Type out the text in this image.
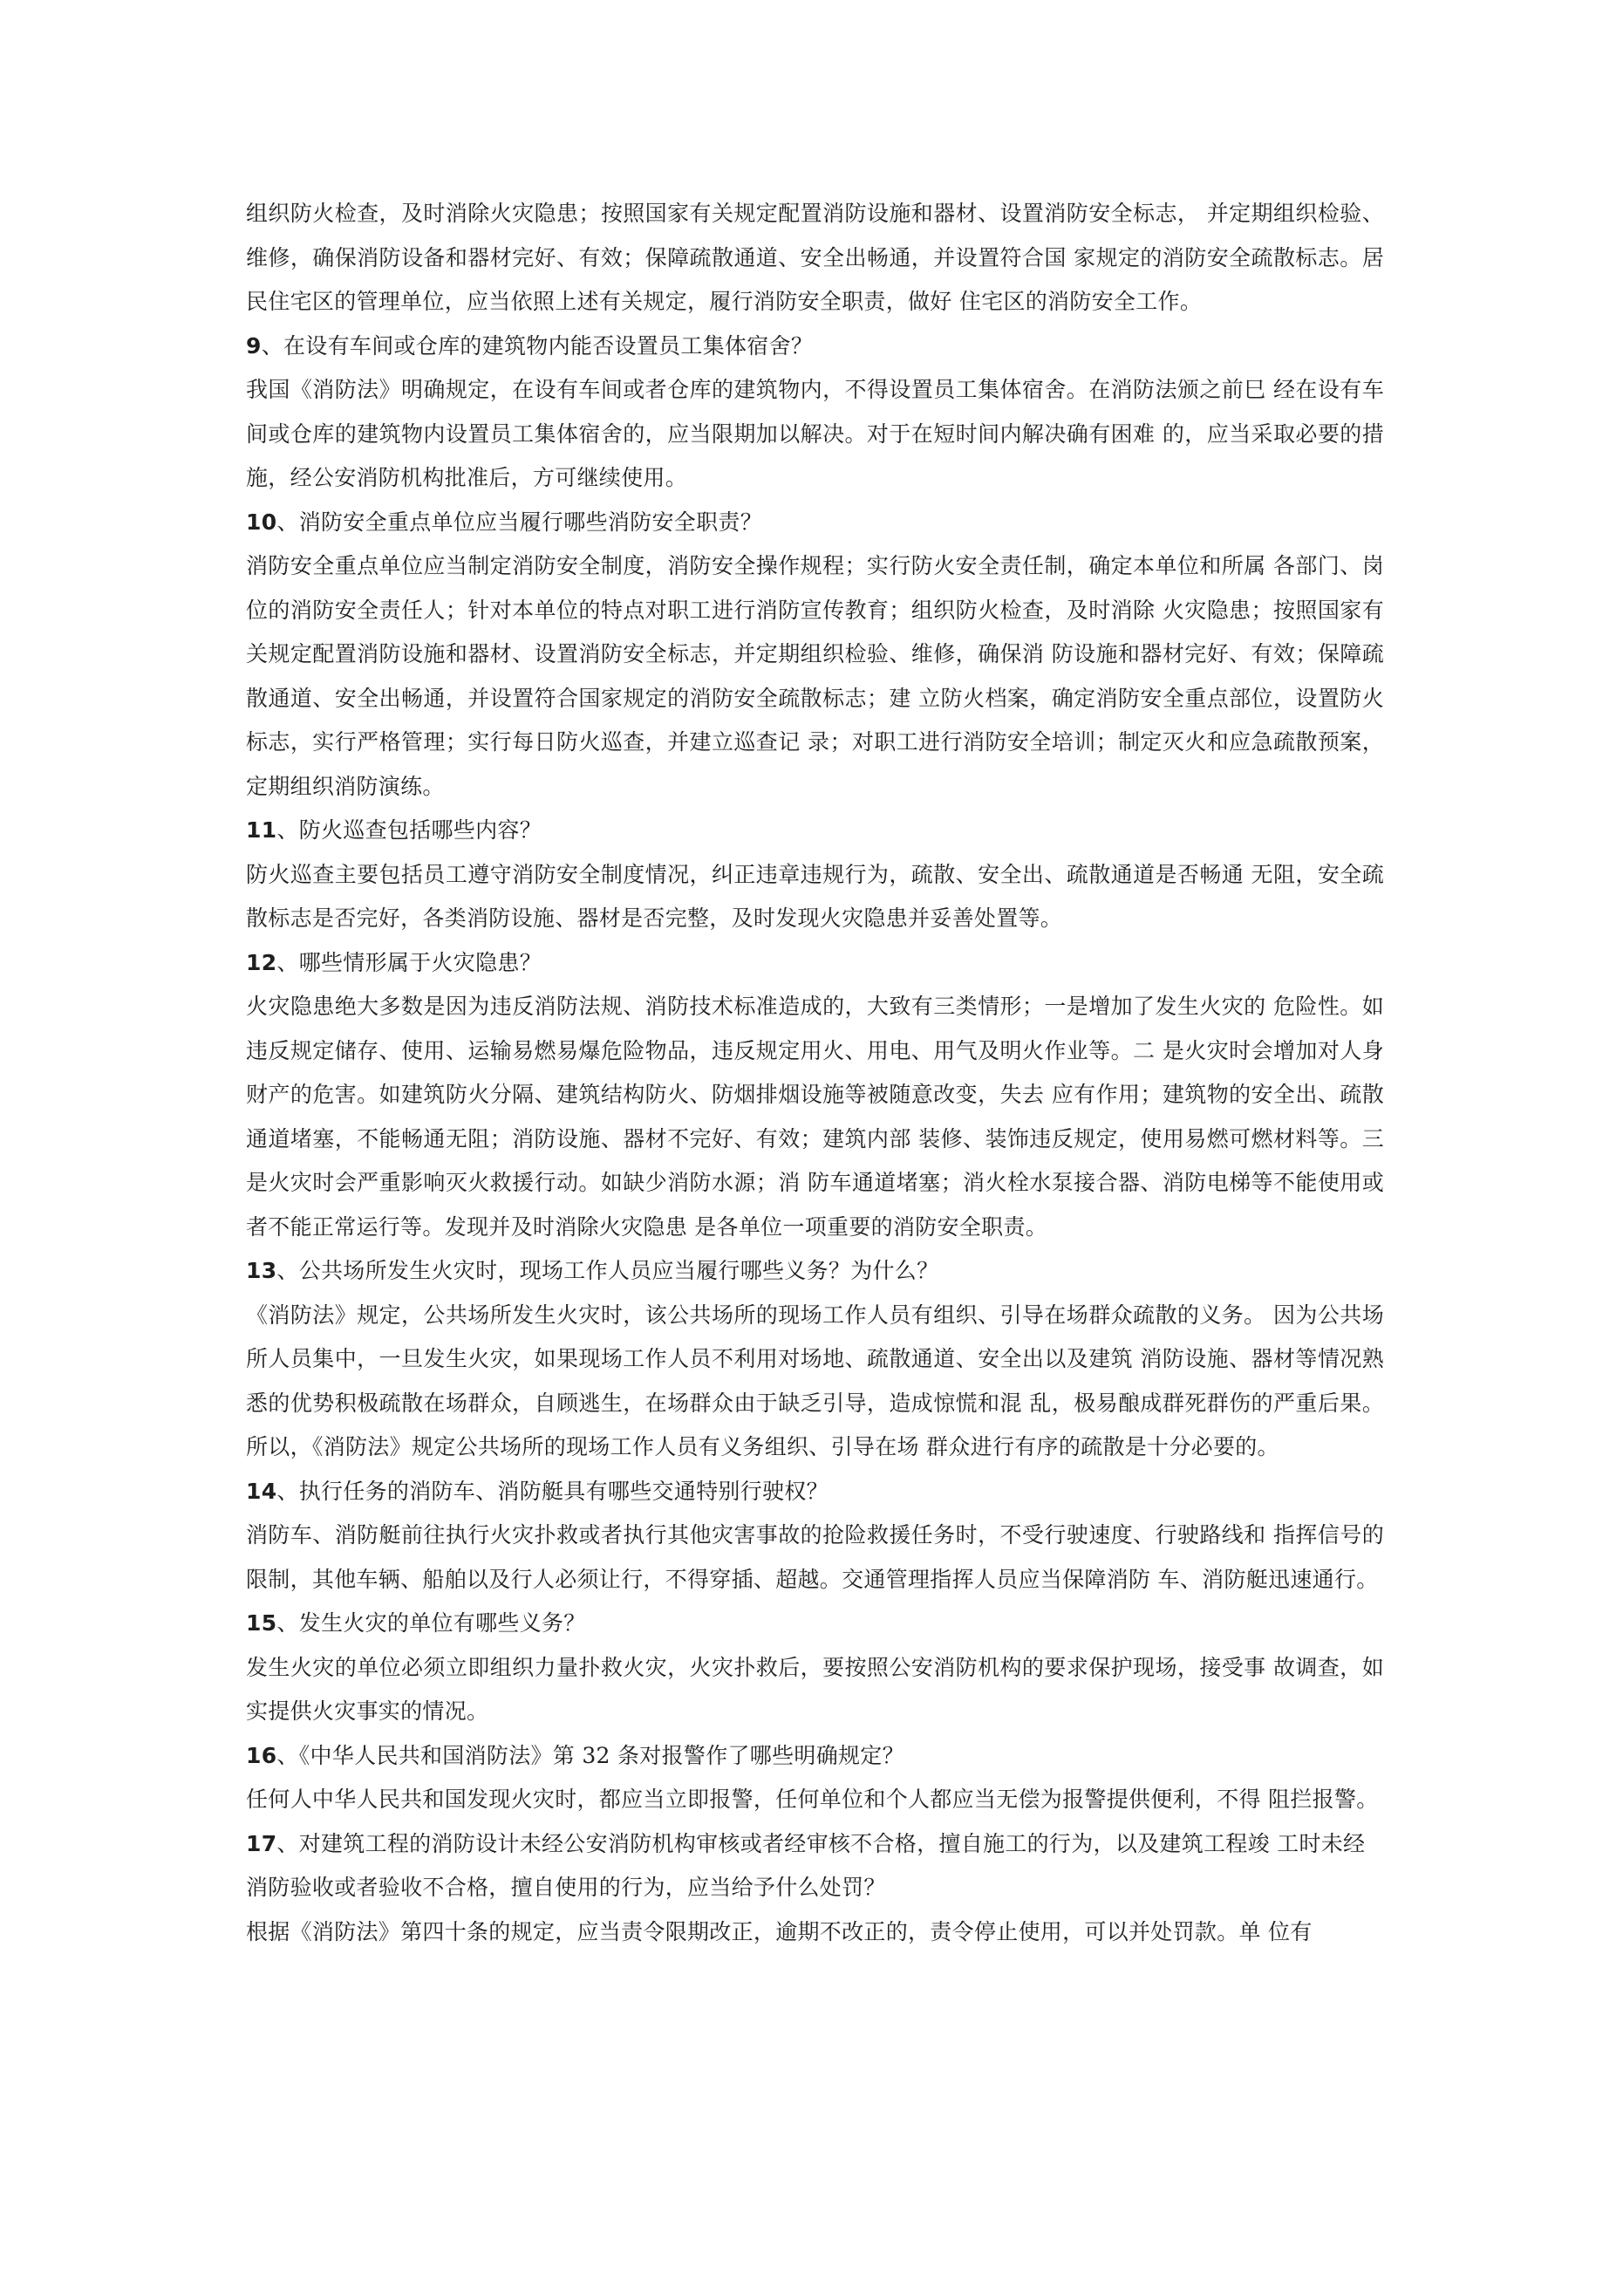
组织防火检查，及时消除火灾隐患；按照国家有关规定配置消防设施和器材、设置消防安全标志， 并定期组织检验、维修，确保消防设备和器材完好、有效；保障疏散通道、安全出畅通，并设置符合国 家规定的消防安全疏散标志。居民住宅区的管理单位，应当依照上述有关规定，履行消防安全职责，做好 住宅区的消防安全工作。

9、在设有车间或仓库的建筑物内能否设置员工集体宿舍？

我国《消防法》明确规定，在设有车间或者仓库的建筑物内，不得设置员工集体宿舍。在消防法颁之前巳 经在设有车间或仓库的建筑物内设置员工集体宿舍的，应当限期加以解决。对于在短时间内解决确有困难 的，应当采取必要的措施，经公安消防机构批准后，方可继续使用。

10、消防安全重点单位应当履行哪些消防安全职责？

消防安全重点单位应当制定消防安全制度，消防安全操作规程；实行防火安全责任制，确定本单位和所属 各部门、岗位的消防安全责任人；针对本单位的特点对职工进行消防宣传教育；组织防火检查，及时消除 火灾隐患；按照国家有关规定配置消防设施和器材、设置消防安全标志，并定期组织检验、维修，确保消 防设施和器材完好、有效；保障疏散通道、安全出畅通，并设置符合国家规定的消防安全疏散标志；建 立防火档案，确定消防安全重点部位，设置防火标志，实行严格管理；实行每日防火巡查，并建立巡查记 录；对职工进行消防安全培训；制定灭火和应急疏散预案，定期组织消防演练。

11、防火巡查包括哪些内容？

防火巡查主要包括员工遵守消防安全制度情况，纠正违章违规行为，疏散、安全出、疏散通道是否畅通 无阻，安全疏散标志是否完好，各类消防设施、器材是否完整，及时发现火灾隐患并妥善处置等。

12、哪些情形属于火灾隐患？

火灾隐患绝大多数是因为违反消防法规、消防技术标准造成的，大致有三类情形；一是增加了发生火灾的 危险性。如违反规定储存、使用、运输易燃易爆危险物品，违反规定用火、用电、用气及明火作业等。二 是火灾时会增加对人身财产的危害。如建筑防火分隔、建筑结构防火、防烟排烟设施等被随意改变，失去 应有作用；建筑物的安全出、疏散通道堵塞，不能畅通无阻；消防设施、器材不完好、有效；建筑内部 装修、装饰违反规定，使用易燃可燃材料等。三是火灾时会严重影响灭火救援行动。如缺少消防水源；消 防车通道堵塞；消火栓水泵接合器、消防电梯等不能使用或者不能正常运行等。发现并及时消除火灾隐患 是各单位一项重要的消防安全职责。

13、公共场所发生火灾时，现场工作人员应当履行哪些义务？为什么？

《消防法》规定，公共场所发生火灾时，该公共场所的现场工作人员有组织、引导在场群众疏散的义务。 因为公共场所人员集中，一旦发生火灾，如果现场工作人员不利用对场地、疏散通道、安全出以及建筑 消防设施、器材等情况熟悉的优势积极疏散在场群众，自顾逃生，在场群众由于缺乏引导，造成惊慌和混 乱，极易酿成群死群伤的严重后果。所以，《消防法》规定公共场所的现场工作人员有义务组织、引导在场 群众进行有序的疏散是十分必要的。

14、执行任务的消防车、消防艇具有哪些交通特别行驶权？

消防车、消防艇前往执行火灾扑救或者执行其他灾害事故的抢险救援任务时，不受行驶速度、行驶路线和 指挥信号的限制，其他车辆、船舶以及行人必须让行，不得穿插、超越。交通管理指挥人员应当保障消防 车、消防艇迅速通行。

15、发生火灾的单位有哪些义务？

发生火灾的单位必须立即组织力量扑救火灾，火灾扑救后，要按照公安消防机构的要求保护现场，接受事 故调查，如实提供火灾事实的情况。

16、《中华人民共和国消防法》第 32 条对报警作了哪些明确规定？

任何人中华人民共和国发现火灾时，都应当立即报警，任何单位和个人都应当无偿为报警提供便利，不得 阻拦报警。

17、对建筑工程的消防设计未经公安消防机构审核或者经审核不合格，擅自施工的行为，以及建筑工程竣 工时未经消防验收或者验收不合格，擅自使用的行为，应当给予什么处罚？

根据《消防法》第四十条的规定，应当责令限期改正，逾期不改正的，责令停止使用，可以并处罚款。单 位有
